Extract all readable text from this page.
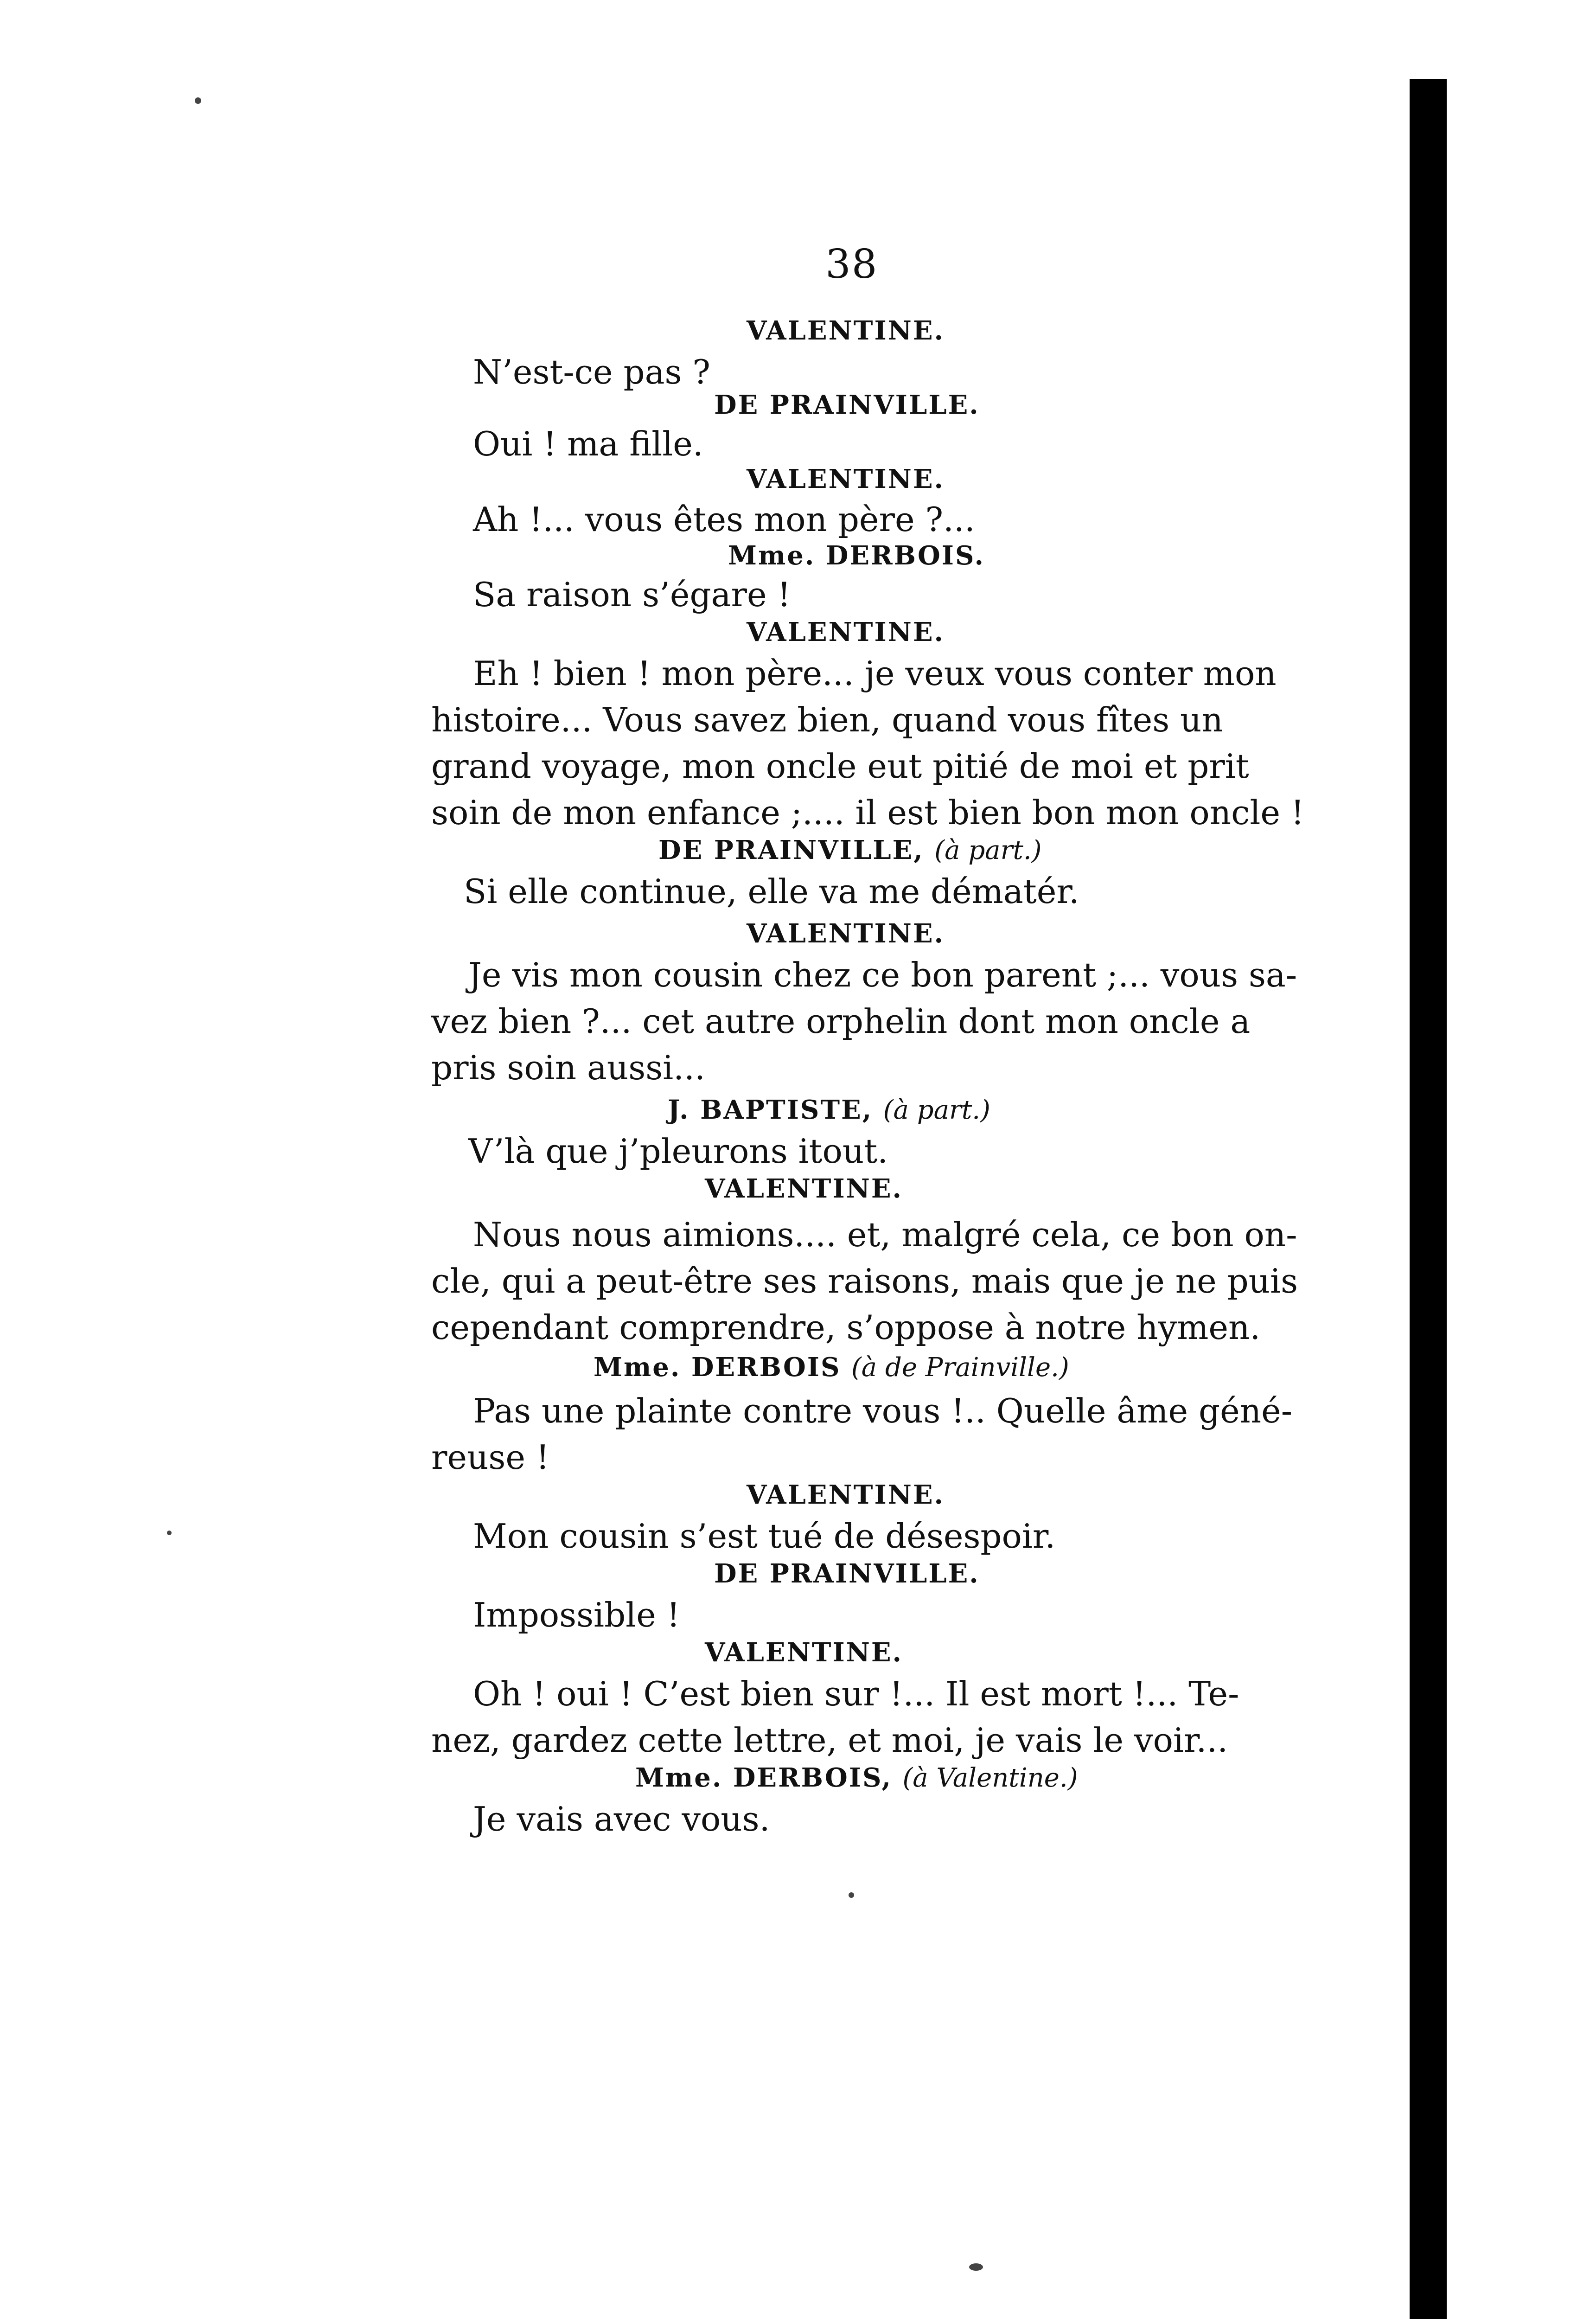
38
VALENTINE.
N’est-ce pas ?
DE PRAINVILLE.
Oui ! ma fille.
VALENTINE.
Ah !... vous êtes mon père ?...
Mme. DERBOIS.
Sa raison s’égare !
VALENTINE.
Eh ! bien ! mon père... je veux vous conter mon
histoire... Vous savez bien, quand vous fîtes un
grand voyage, mon oncle eut pitié de moi et prit
soin de mon enfance ;.... il est bien bon mon oncle !
DE PRAINVILLE, (à part.)
Si elle continue, elle va me dématér.
VALENTINE.
Je vis mon cousin chez ce bon parent ;... vous sa-
vez bien ?... cet autre orphelin dont mon oncle a
pris soin aussi...
J. BAPTISTE, (à part.)
V’là que j’pleurons itout.
VALENTINE.
Nous nous aimions.... et, malgré cela, ce bon on-
cle, qui a peut-être ses raisons, mais que je ne puis
cependant comprendre, s’oppose à notre hymen.
Mme. DERBOIS (à de Prainville.)
Pas une plainte contre vous !.. Quelle âme géné-
reuse !
VALENTINE.
Mon cousin s’est tué de désespoir.
DE PRAINVILLE.
Impossible !
VALENTINE.
Oh ! oui ! C’est bien sur !... Il est mort !... Te-
nez, gardez cette lettre, et moi, je vais le voir...
Mme. DERBOIS, (à Valentine.)
Je vais avec vous.
